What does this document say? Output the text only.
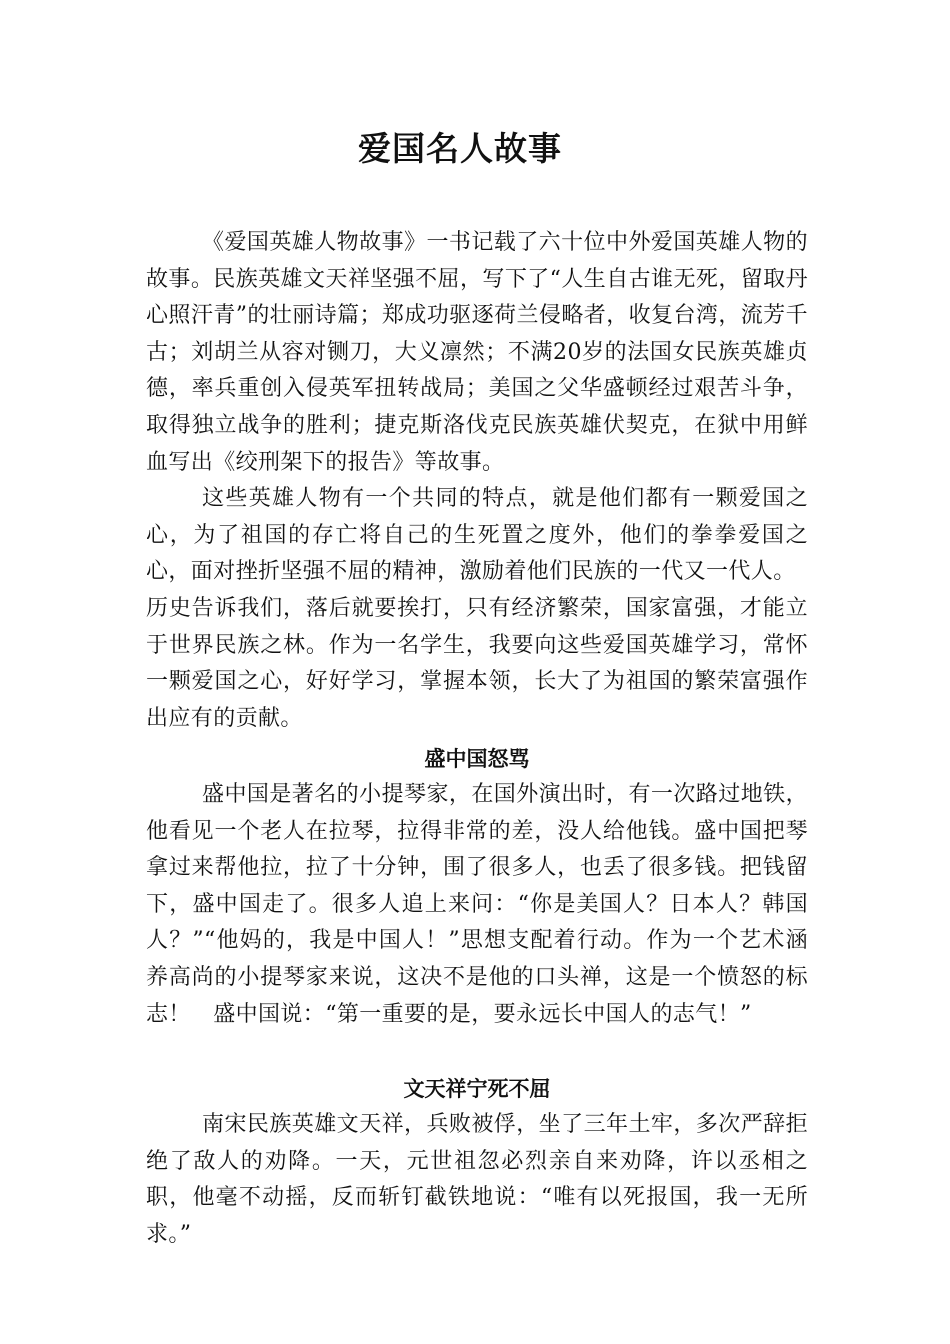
爱国名人故事

《爱国英雄人物故事》一书记载了六十位中外爱国英雄人物的故事。民族英雄文天祥坚强不屈，写下了“人生自古谁无死，留取丹心照汗青”的壮丽诗篇；郑成功驱逐荷兰侵略者，收复台湾，流芳千古；刘胡兰从容对铡刀，大义凛然；不满20岁的法国女民族英雄贞德，率兵重创入侵英军扭转战局；美国之父华盛顿经过艰苦斗争，取得独立战争的胜利；捷克斯洛伐克民族英雄伏契克，在狱中用鲜血写出《绞刑架下的报告》等故事。

这些英雄人物有一个共同的特点，就是他们都有一颗爱国之心，为了祖国的存亡将自己的生死置之度外，他们的拳拳爱国之心，面对挫折坚强不屈的精神，激励着他们民族的一代又一代人。

历史告诉我们，落后就要挨打，只有经济繁荣，国家富强，才能立于世界民族之林。作为一名学生，我要向这些爱国英雄学习，常怀一颗爱国之心，好好学习，掌握本领，长大了为祖国的繁荣富强作出应有的贡献。

盛中国怒骂

盛中国是著名的小提琴家，在国外演出时，有一次路过地铁，他看见一个老人在拉琴，拉得非常的差，没人给他钱。盛中国把琴拿过来帮他拉，拉了十分钟，围了很多人，也丢了很多钱。把钱留下，盛中国走了。很多人追上来问：“你是美国人？日本人？韩国人？”“他妈的，我是中国人！”思想支配着行动。作为一个艺术涵养高尚的小提琴家来说，这决不是他的口头禅，这是一个愤怒的标志！　盛中国说：“第一重要的是，要永远长中国人的志气！”

文天祥宁死不屈

南宋民族英雄文天祥，兵败被俘，坐了三年土牢，多次严辞拒绝了敌人的劝降。一天，元世祖忽必烈亲自来劝降，许以丞相之职，他毫不动摇，反而斩钉截铁地说：“唯有以死报国，我一无所求。”
